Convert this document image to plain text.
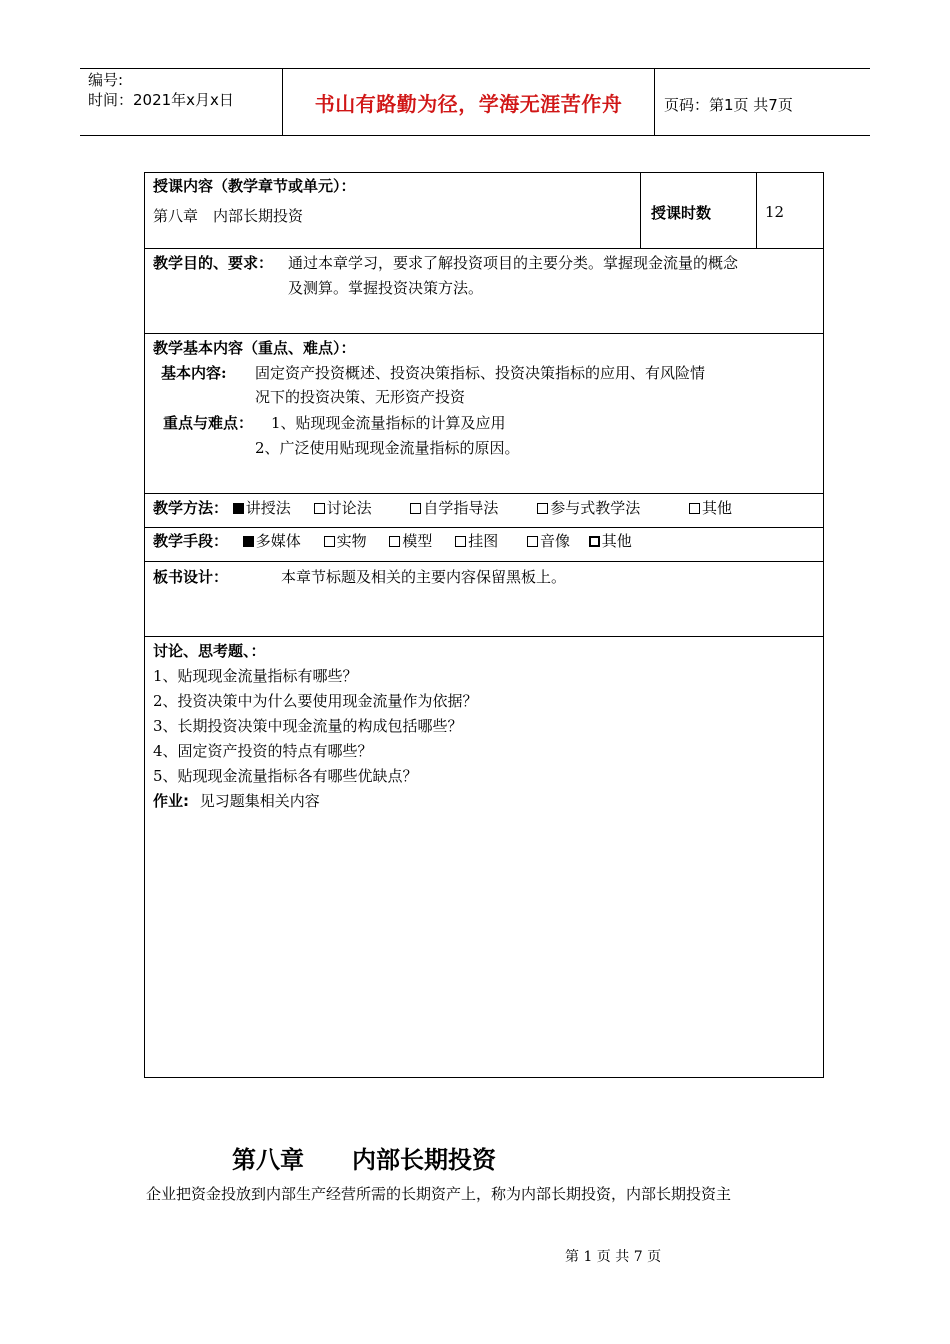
编号:
时间：2021年x月x日	书山有路勤为径，学海无涯苦作舟	页码：第1页 共7页
授课内容（教学章节或单元）：
第八章　内部长期投资	授课时数	12
教学目的、要求： 通过本章学习，要求了解投资项目的主要分类。掌握现金流量的概念
及测算。掌握投资决策方法。
教学基本内容（重点、难点）：
基本内容: 固定资产投资概述、投资决策指标、投资决策指标的应用、有风险情
况下的投资决策、无形资产投资
重点与难点： 1、贴现现金流量指标的计算及应用
2、广泛使用贴现现金流量指标的原因。
教学方法： 讲授法 讨论法	自学指导法	参与式教学法	其他
教学手段： 多媒体 实物 模型 挂图	音像 其他
板书设计：	本章节标题及相关的主要内容保留黑板上。
讨论、思考题、：
1、贴现现金流量指标有哪些？
2、投资决策中为什么要使用现金流量作为依据？
3、长期投资决策中现金流量的构成包括哪些？
4、固定资产投资的特点有哪些？
5、贴现现金流量指标各有哪些优缺点？
作业: 见习题集相关内容
第八章　　内部长期投资
企业把资金投放到内部生产经营所需的长期资产上，称为内部长期投资，内部长期投资主
第 1 页 共 7 页
